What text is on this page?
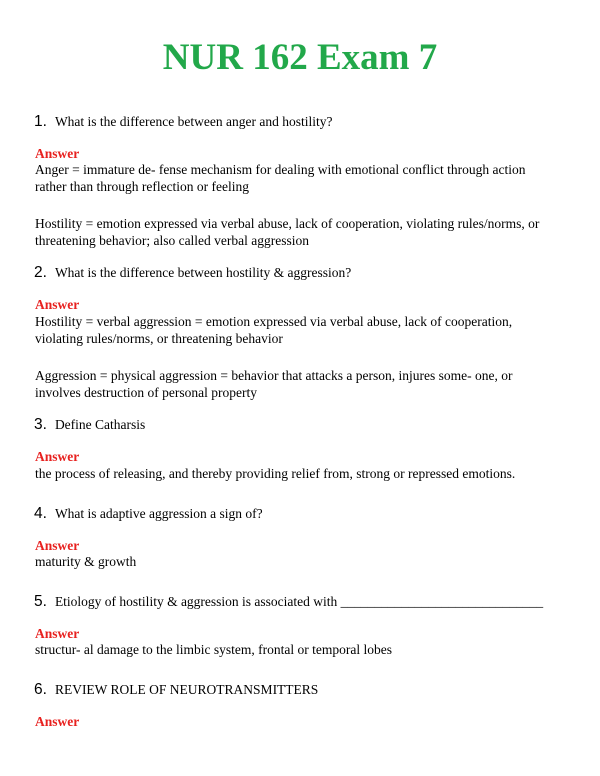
NUR 162 Exam 7
1. What is the difference between anger and hostility?
Answer
Anger = immature de- fense mechanism for dealing with emotional conflict through action rather than through reflection or feeling
Hostility = emotion expressed via verbal abuse, lack of cooperation, violating rules/norms, or threatening behavior; also called verbal aggression
2. What is the difference between hostility & aggression?
Answer
Hostility = verbal aggression = emotion expressed via verbal abuse, lack of cooperation, violating rules/norms, or threatening behavior
Aggression = physical aggression = behavior that attacks a person, injures some- one, or involves destruction of personal property
3. Define Catharsis
Answer
the process of releasing, and thereby providing relief from, strong or repressed emotions.
4. What is adaptive aggression a sign of?
Answer
maturity & growth
5. Etiology of hostility & aggression is associated with ______________________________
Answer
structur- al damage to the limbic system, frontal or temporal lobes
6. REVIEW ROLE OF NEUROTRANSMITTERS
Answer
